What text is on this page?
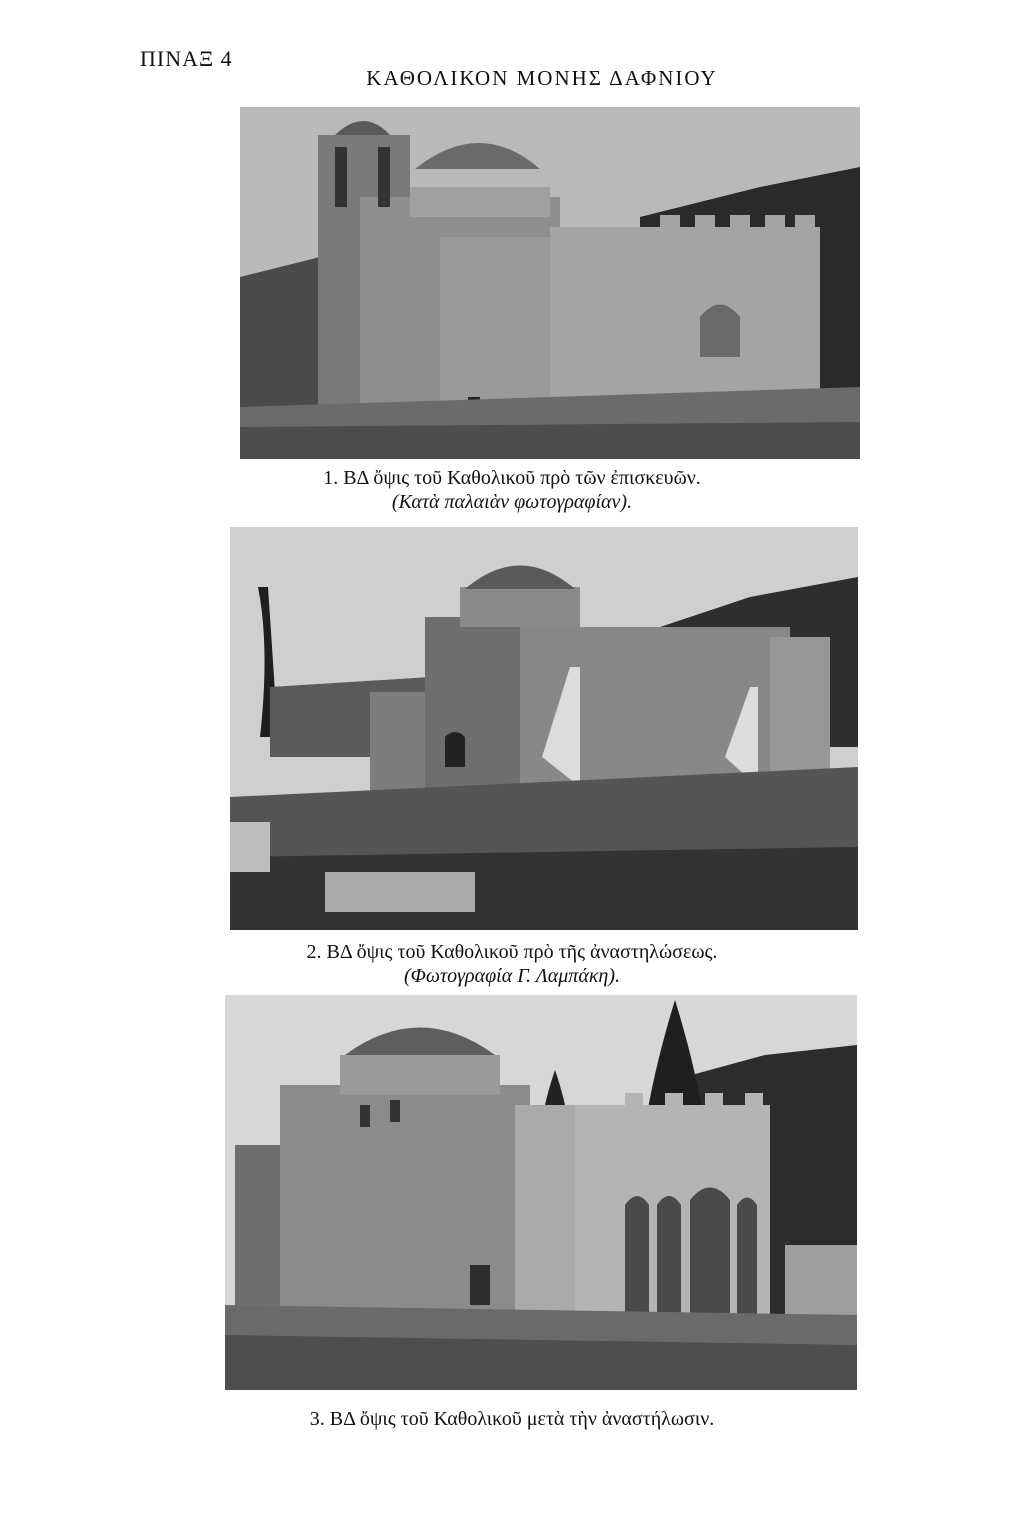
ΠΙΝΑΞ 4
ΚΑΘΟΛΙΚΟΝ ΜΟΝΗΣ ΔΑΦΝΙΟΥ
1. ΒΔ ὄψις τοῦ Καθολικοῦ πρὸ τῶν ἐπισκευῶν.
(Κατὰ παλαιὰν φωτογραφίαν).
2. ΒΔ ὄψις τοῦ Καθολικοῦ πρὸ τῆς ἀναστηλώσεως.
(Φωτογραφία Γ. Λαμπάκη).
3. ΒΔ ὄψις τοῦ Καθολικοῦ μετὰ τὴν ἀναστήλωσιν.
